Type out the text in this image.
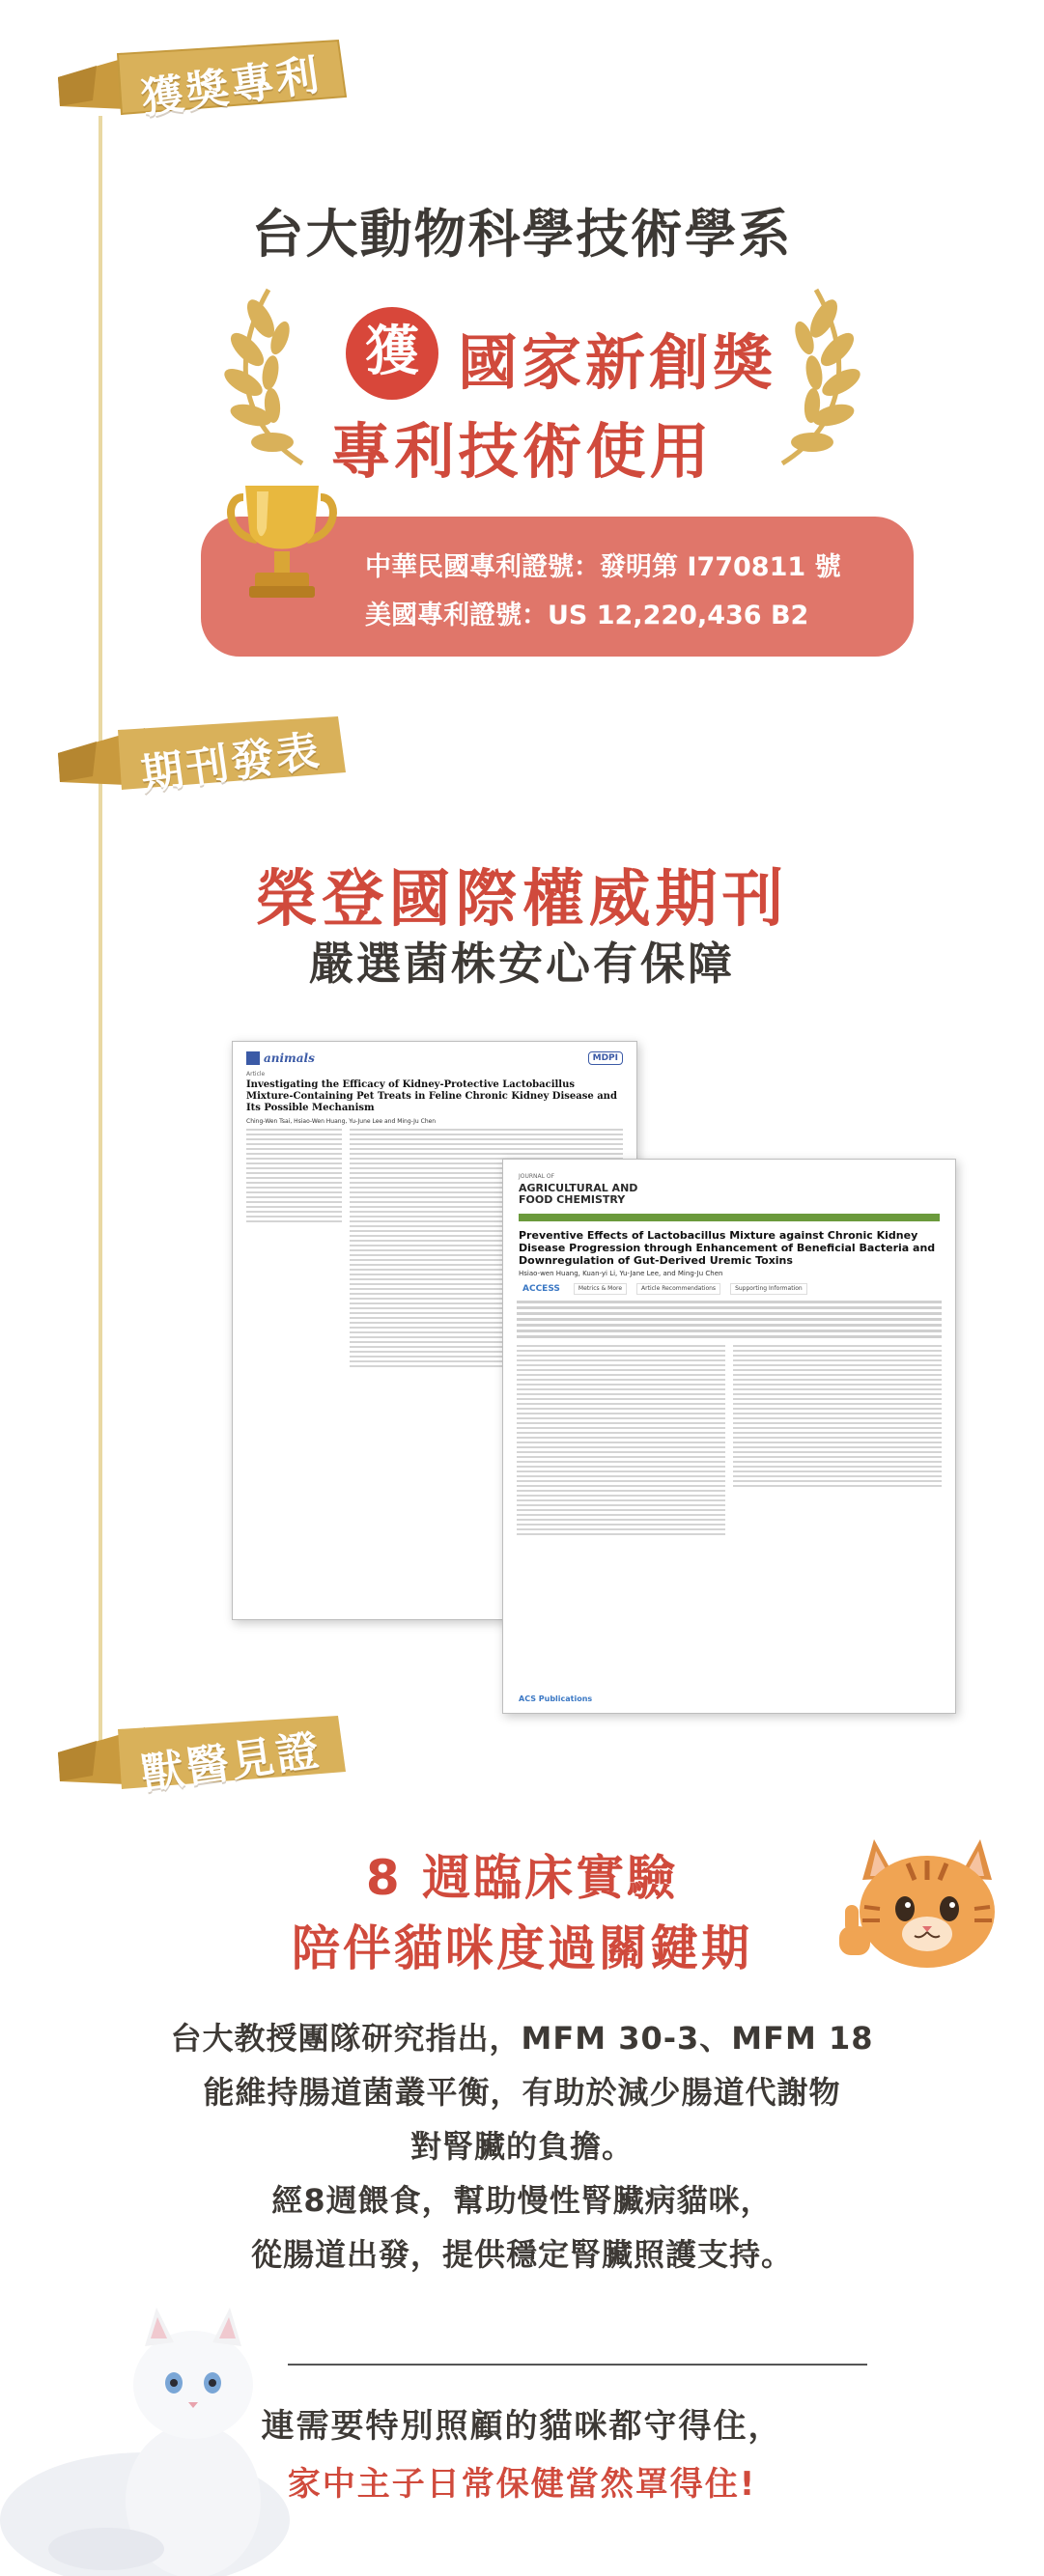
獲獎專利
台大動物科學技術學系
獲 國家新創獎
專利技術使用
中華民國專利證號：發明第 I770811 號
美國專利證號：US 12,220,436 B2
期刊發表
榮登國際權威期刊
嚴選菌株安心有保障
animals	MDPI
Article
Investigating the Efficacy of Kidney-Protective Lactobacillus Mixture-Containing Pet Treats in Feline Chronic Kidney Disease and Its Possible Mechanism
Ching-Wen Tsai, Hsiao-Wen Huang, Yu-June Lee and Ming-Ju Chen
JOURNAL OF
AGRICULTURAL AND
FOOD CHEMISTRY
Preventive Effects of Lactobacillus Mixture against Chronic Kidney Disease Progression through Enhancement of Beneficial Bacteria and Downregulation of Gut-Derived Uremic Toxins
Hsiao-wen Huang, Kuan-yi Li, Yu-Jane Lee, and Ming-Ju Chen
ACCESS	Metrics & More	Article Recommendations	Supporting Information
ACS Publications
獸醫見證
8 週臨床實驗
陪伴貓咪度過關鍵期
台大教授團隊研究指出，MFM 30-3、MFM 18
能維持腸道菌叢平衡，有助於減少腸道代謝物
對腎臟的負擔。
經8週餵食，幫助慢性腎臟病貓咪，
從腸道出發，提供穩定腎臟照護支持。
連需要特別照顧的貓咪都守得住，
家中主子日常保健當然罩得住!
